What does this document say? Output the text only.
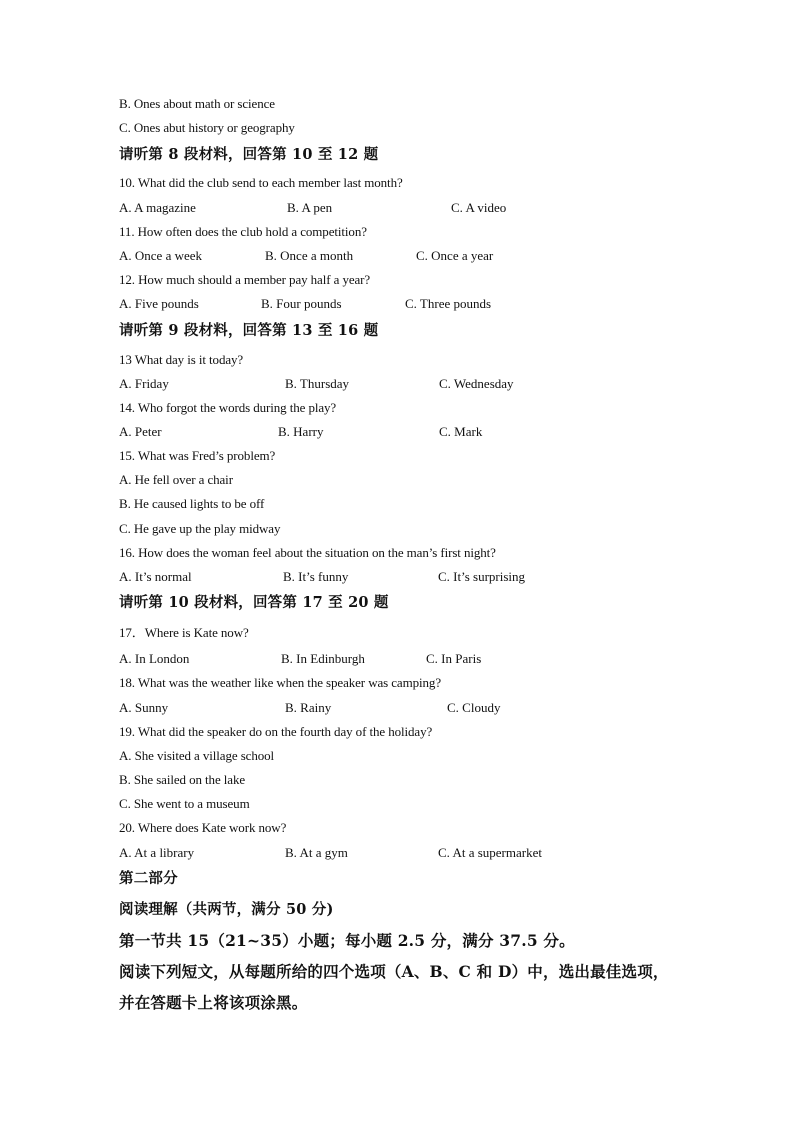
B. Ones about math or science
C. Ones abut history or geography
请听第 8 段材料，回答第 10 至 12 题
10. What did the club send to each member last month?
A. A magazine	B. A pen	C. A video
11. How often does the club hold a competition?
A. Once a week	B. Once a month	C. Once a year
12. How much should a member pay half a year?
A. Five pounds	B. Four pounds	C. Three pounds
请听第 9 段材料，回答第 13 至 16 题
13 What day is it today?
A. Friday	B. Thursday	C. Wednesday
14. Who forgot the words during the play?
A. Peter	B. Harry	C. Mark
15. What was Fred’s problem?
A. He fell over a chair
B. He caused lights to be off
C. He gave up the play midway
16. How does the woman feel about the situation on the man’s first night?
A. It’s normal	B. It’s funny	C. It’s surprising
请听第 10 段材料，回答第 17 至 20 题
17．Where is Kate now?
A. In London	B. In Edinburgh	C. In Paris
18. What was the weather like when the speaker was camping?
A. Sunny	B. Rainy	C. Cloudy
19. What did the speaker do on the fourth day of the holiday?
A. She visited a village school
B. She sailed on the lake
C. She went to a museum
20. Where does Kate work now?
A. At a library	B. At a gym	C. At a supermarket
第二部分
阅读理解（共两节，满分 50 分)
第一节共 15（21~35）小题；每小题 2.5 分，满分 37.5 分。
阅读下列短文，从每题所给的四个选项（A、B、C 和 D）中，选出最佳选项，
并在答题卡上将该项涂黑。
